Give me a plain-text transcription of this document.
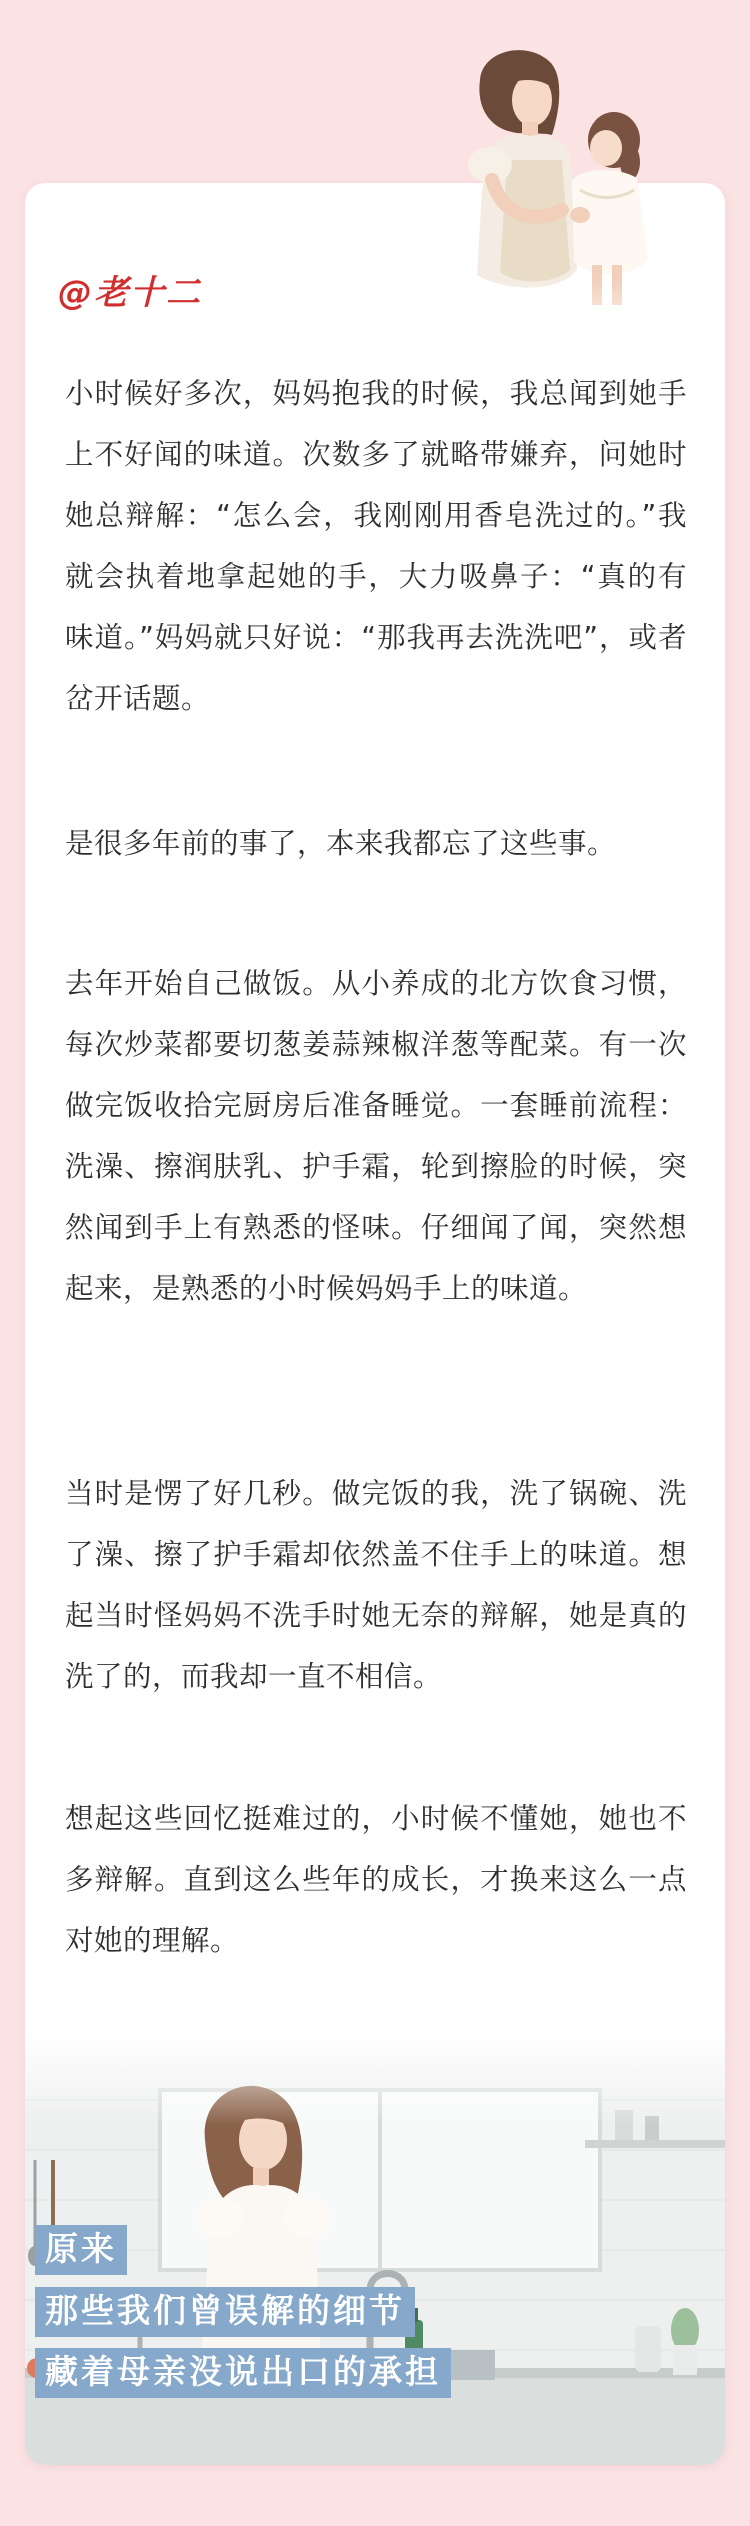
@老十二

小时候好多次，妈妈抱我的时候，我总闻到她手上不好闻的味道。次数多了就略带嫌弃，问她时她总辩解：“怎么会，我刚刚用香皂洗过的。”我就会执着地拿起她的手，大力吸鼻子：“真的有味道。”妈妈就只好说：“那我再去洗洗吧”，或者岔开话题。

是很多年前的事了，本来我都忘了这些事。

去年开始自己做饭。从小养成的北方饮食习惯，每次炒菜都要切葱姜蒜辣椒洋葱等配菜。有一次做完饭收拾完厨房后准备睡觉。一套睡前流程：洗澡、擦润肤乳、护手霜，轮到擦脸的时候，突然闻到手上有熟悉的怪味。仔细闻了闻，突然想起来，是熟悉的小时候妈妈手上的味道。

当时是愣了好几秒。做完饭的我，洗了锅碗、洗了澡、擦了护手霜却依然盖不住手上的味道。想起当时怪妈妈不洗手时她无奈的辩解，她是真的洗了的，而我却一直不相信。

想起这些回忆挺难过的，小时候不懂她，她也不多辩解。直到这么些年的成长，才换来这么一点对她的理解。

原来
那些我们曾误解的细节
藏着母亲没说出口的承担
